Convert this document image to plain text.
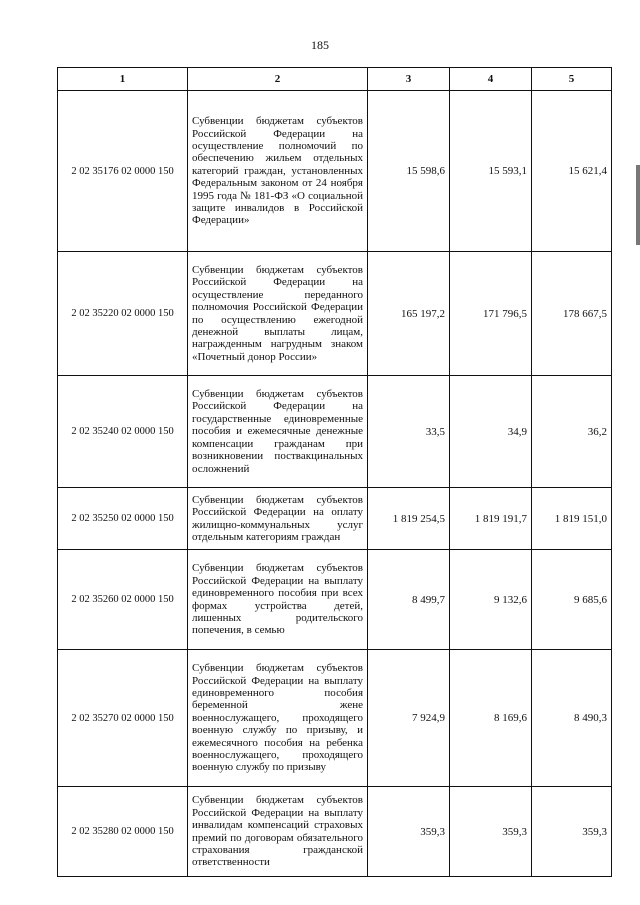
185
1	2	3	4	5
2 02 35176 02 0000 150	Субвенции бюджетам субъектов Российской Федерации на осуществление полномочий по обеспечению жильем отдельных категорий граждан, установленных Федеральным законом от 24 ноября 1995 года № 181-ФЗ «О социальной защите инвалидов в Российской Федерации»	15 598,6	15 593,1	15 621,4
2 02 35220 02 0000 150	Субвенции бюджетам субъектов Российской Федерации на осуществление переданного полномочия Российской Федерации по осуществлению ежегодной денежной выплаты лицам, награжденным нагрудным знаком «Почетный донор России»	165 197,2	171 796,5	178 667,5
2 02 35240 02 0000 150	Субвенции бюджетам субъектов Российской Федерации на государственные единовременные пособия и ежемесячные денежные компенсации гражданам при возникновении поствакцинальных осложнений	33,5	34,9	36,2
2 02 35250 02 0000 150	Субвенции бюджетам субъектов Российской Федерации на оплату жилищно-коммунальных услуг отдельным категориям граждан	1 819 254,5	1 819 191,7	1 819 151,0
2 02 35260 02 0000 150	Субвенции бюджетам субъектов Российской Федерации на выплату единовременного пособия при всех формах устройства детей, лишенных родительского попечения, в семью	8 499,7	9 132,6	9 685,6
2 02 35270 02 0000 150	Субвенции бюджетам субъектов Российской Федерации на выплату единовременного пособия беременной жене военнослужащего, проходящего военную службу по призыву, и ежемесячного пособия на ребенка военнослужащего, проходящего военную службу по призыву	7 924,9	8 169,6	8 490,3
2 02 35280 02 0000 150	Субвенции бюджетам субъектов Российской Федерации на выплату инвалидам компенсаций страховых премий по договорам обязательного страхования гражданской ответственности	359,3	359,3	359,3
